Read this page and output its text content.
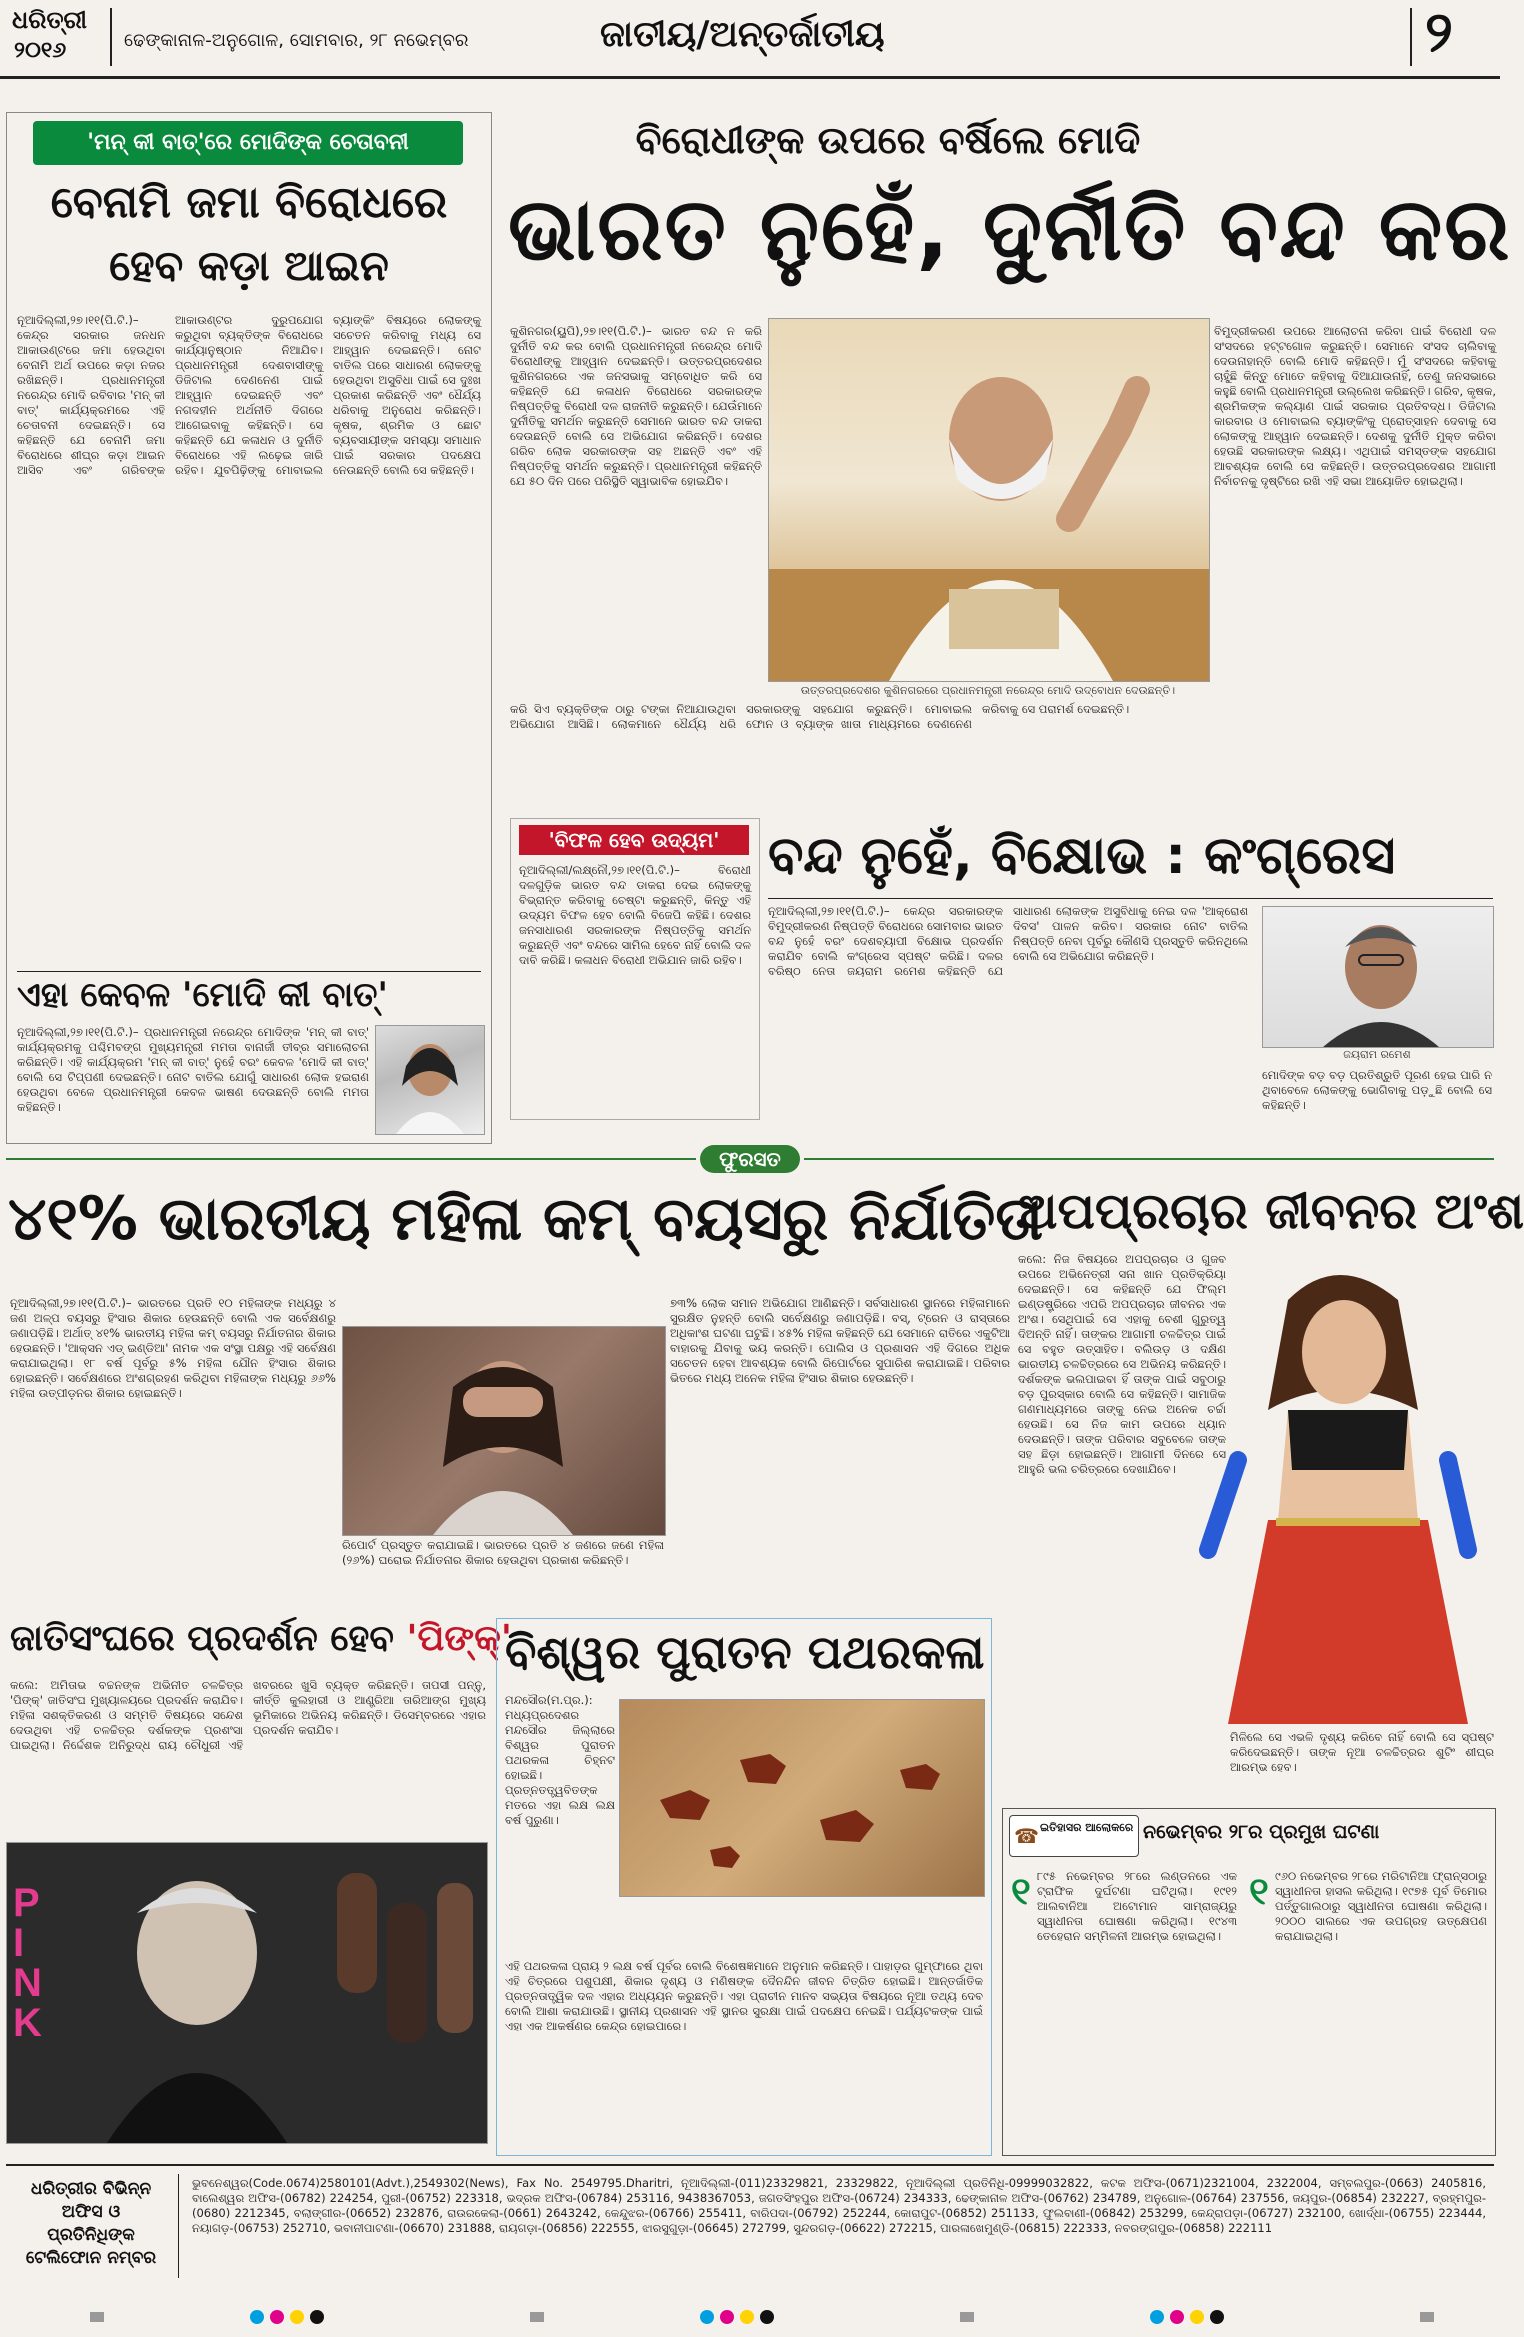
ଧରିତ୍ରୀ
୨୦୧୬	ଢେଙ୍କାନାଳ-ଅନୁଗୋଳ, ସୋମବାର, ୨୮ ନଭେମ୍ବର	ଜାତୀୟ/ଅନ୍ତର୍ଜାତୀୟ	୨
'ମନ୍ କୀ ବାତ୍'ରେ ମୋଦିଙ୍କ ଚେତାବନୀ
ବେନାମି ଜମା ବିରୋଧରେ
ହେବ କଡ଼ା ଆଇନ
ନୂଆଦିଲ୍ଲୀ,୨୭।୧୧(ପି.ଟି.)– କେନ୍ଦ୍ର ସରକାର ଜନଧନ ଆକାଉଣ୍ଟରେ ଜମା ହେଉଥିବା ବେନାମି ଅର୍ଥ ଉପରେ କଡ଼ା ନଜର ରଖିଛନ୍ତି। ପ୍ରଧାନମନ୍ତ୍ରୀ ନରେନ୍ଦ୍ର ମୋଦି ରବିବାର 'ମନ୍ କୀ ବାତ୍' କାର୍ଯ୍ୟକ୍ରମରେ ଏହି ଚେତାବନୀ ଦେଇଛନ୍ତି। ସେ କହିଛନ୍ତି ଯେ ବେନାମି ଜମା ବିରୋଧରେ ଶୀଘ୍ର କଡ଼ା ଆଇନ ଆସିବ ଏବଂ ଗରିବଙ୍କ ଆକାଉଣ୍ଟର ଦୁରୁପଯୋଗ କରୁଥିବା ବ୍ୟକ୍ତିଙ୍କ ବିରୋଧରେ କାର୍ଯ୍ୟାନୁଷ୍ଠାନ ନିଆଯିବ। ପ୍ରଧାନମନ୍ତ୍ରୀ ଦେଶବାସୀଙ୍କୁ ଡିଜିଟାଲ ଦେଣନେଣ ପାଇଁ ଆହ୍ୱାନ ଦେଇଛନ୍ତି ଏବଂ ନଗଦହୀନ ଅର୍ଥନୀତି ଦିଗରେ ଆଗେଇବାକୁ କହିଛନ୍ତି। ସେ କହିଛନ୍ତି ଯେ କଳାଧନ ଓ ଦୁର୍ନୀତି ବିରୋଧରେ ଏହି ଲଢ଼େଇ ଜାରି ରହିବ। ଯୁବପିଢ଼ିଙ୍କୁ ମୋବାଇଲ ବ୍ୟାଙ୍କିଂ ବିଷୟରେ ଲୋକଙ୍କୁ ସଚେତନ କରିବାକୁ ମଧ୍ୟ ସେ ଆହ୍ୱାନ ଦେଇଛନ୍ତି। ନୋଟ ବାତିଲ ପରେ ସାଧାରଣ ଲୋକଙ୍କୁ ହେଉଥିବା ଅସୁବିଧା ପାଇଁ ସେ ଦୁଃଖ ପ୍ରକାଶ କରିଛନ୍ତି ଏବଂ ଧୈର୍ଯ୍ୟ ଧରିବାକୁ ଅନୁରୋଧ କରିଛନ୍ତି। କୃଷକ, ଶ୍ରମିକ ଓ ଛୋଟ ବ୍ୟବସାୟୀଙ୍କ ସମସ୍ୟା ସମାଧାନ ପାଇଁ ସରକାର ପଦକ୍ଷେପ ନେଉଛନ୍ତି ବୋଲି ସେ କହିଛନ୍ତି।
ଏହା କେବଳ 'ମୋଦି କୀ ବାତ୍'
ନୂଆଦିଲ୍ଲୀ,୨୭।୧୧(ପି.ଟି.)– ପ୍ରଧାନମନ୍ତ୍ରୀ ନରେନ୍ଦ୍ର ମୋଦିଙ୍କ 'ମନ୍ କୀ ବାତ୍' କାର୍ଯ୍ୟକ୍ରମକୁ ପଶ୍ଚିମବଙ୍ଗ ମୁଖ୍ୟମନ୍ତ୍ରୀ ମମତା ବାନାର୍ଜୀ ତୀବ୍ର ସମାଲୋଚନା କରିଛନ୍ତି। ଏହି କାର୍ଯ୍ୟକ୍ରମ 'ମନ୍ କୀ ବାତ୍' ନୁହେଁ ବରଂ କେବଳ 'ମୋଦି କୀ ବାତ୍' ବୋଲି ସେ ଟିପ୍ପଣୀ ଦେଇଛନ୍ତି। ନୋଟ ବାତିଲ ଯୋଗୁଁ ସାଧାରଣ ଲୋକ ହଇରାଣ ହେଉଥିବା ବେଳେ ପ୍ରଧାନମନ୍ତ୍ରୀ କେବଳ ଭାଷଣ ଦେଉଛନ୍ତି ବୋଲି ମମତା କହିଛନ୍ତି।
ବିରୋଧୀଙ୍କ ଉପରେ ବର୍ଷିଲେ ମୋଦି
ଭାରତ ନୁହେଁ, ଦୁର୍ନୀତି ବନ୍ଦ କର
କୁଶିନଗର(ୟୁପି),୨୭।୧୧(ପି.ଟି.)– ଭାରତ ବନ୍ଦ ନ କରି ଦୁର୍ନୀତି ବନ୍ଦ କର ବୋଲି ପ୍ରଧାନମନ୍ତ୍ରୀ ନରେନ୍ଦ୍ର ମୋଦି ବିରୋଧୀଙ୍କୁ ଆହ୍ୱାନ ଦେଇଛନ୍ତି। ଉତ୍ତରପ୍ରଦେଶର କୁଶିନଗରରେ ଏକ ଜନସଭାକୁ ସମ୍ବୋଧିତ କରି ସେ କହିଛନ୍ତି ଯେ କଳାଧନ ବିରୋଧରେ ସରକାରଙ୍କ ନିଷ୍ପତ୍ତିକୁ ବିରୋଧୀ ଦଳ ରାଜନୀତି କରୁଛନ୍ତି। ଯେଉଁମାନେ ଦୁର୍ନୀତିକୁ ସମର୍ଥନ କରୁଛନ୍ତି ସେମାନେ ଭାରତ ବନ୍ଦ ଡାକରା ଦେଉଛନ୍ତି ବୋଲି ସେ ଅଭିଯୋଗ କରିଛନ୍ତି। ଦେଶର ଗରିବ ଲୋକ ସରକାରଙ୍କ ସହ ଅଛନ୍ତି ଏବଂ ଏହି ନିଷ୍ପତ୍ତିକୁ ସମର୍ଥନ କରୁଛନ୍ତି। ପ୍ରଧାନମନ୍ତ୍ରୀ କହିଛନ୍ତି ଯେ ୫୦ ଦିନ ପରେ ପରିସ୍ଥିତି ସ୍ୱାଭାବିକ ହୋଇଯିବ।
ଉତ୍ତରପ୍ରଦେଶର କୁଶିନଗରରେ ପ୍ରଧାନମନ୍ତ୍ରୀ ନରେନ୍ଦ୍ର ମୋଦି ଉଦ୍‌ବୋଧନ ଦେଉଛନ୍ତି।
ବିମୁଦ୍ରୀକରଣ ଉପରେ ଆଲୋଚନା କରିବା ପାଇଁ ବିରୋଧୀ ଦଳ ସଂସଦରେ ହଟ୍ଟଗୋଳ କରୁଛନ୍ତି। ସେମାନେ ସଂସଦ ଚାଲିବାକୁ ଦେଉନାହାନ୍ତି ବୋଲି ମୋଦି କହିଛନ୍ତି। ମୁଁ ସଂସଦରେ କହିବାକୁ ଚାହୁଁଛି କିନ୍ତୁ ମୋତେ କହିବାକୁ ଦିଆଯାଉନାହିଁ, ତେଣୁ ଜନସଭାରେ କହୁଛି ବୋଲି ପ୍ରଧାନମନ୍ତ୍ରୀ ଉଲ୍ଲେଖ କରିଛନ୍ତି। ଗରିବ, କୃଷକ, ଶ୍ରମିକଙ୍କ କଲ୍ୟାଣ ପାଇଁ ସରକାର ପ୍ରତିବଦ୍ଧ। ଡିଜିଟାଲ କାରବାର ଓ ମୋବାଇଲ ବ୍ୟାଙ୍କିଂକୁ ପ୍ରୋତ୍ସାହନ ଦେବାକୁ ସେ ଲୋକଙ୍କୁ ଆହ୍ୱାନ ଦେଇଛନ୍ତି। ଦେଶକୁ ଦୁର୍ନୀତି ମୁକ୍ତ କରିବା ହେଉଛି ସରକାରଙ୍କ ଲକ୍ଷ୍ୟ। ଏଥିପାଇଁ ସମସ୍ତଙ୍କ ସହଯୋଗ ଆବଶ୍ୟକ ବୋଲି ସେ କହିଛନ୍ତି। ଉତ୍ତରପ୍ରଦେଶର ଆଗାମୀ ନିର୍ବାଚନକୁ ଦୃଷ୍ଟିରେ ରଖି ଏହି ସଭା ଆୟୋଜିତ ହୋଇଥିଲା।
କରି ସିଏ ବ୍ୟକ୍ତିଙ୍କ ଠାରୁ ଟଙ୍କା ନିଆଯାଉଥିବା ଅଭିଯୋଗ ଆସିଛି। ଲୋକମାନେ ଧୈର୍ଯ୍ୟ ଧରି ସରକାରଙ୍କୁ ସହଯୋଗ କରୁଛନ୍ତି। ମୋବାଇଲ ଫୋନ ଓ ବ୍ୟାଙ୍କ ଖାତା ମାଧ୍ୟମରେ ଦେଣନେଣ କରିବାକୁ ସେ ପରାମର୍ଶ ଦେଇଛନ୍ତି।
'ବିଫଳ ହେବ ଉଦ୍ୟମ'
ନୂଆଦିଲ୍ଲୀ/ଲକ୍ଷ୍ନୌ,୨୭।୧୧(ପି.ଟି.)– ବିରୋଧୀ ଦଳଗୁଡ଼ିକ ଭାରତ ବନ୍ଦ ଡାକରା ଦେଇ ଲୋକଙ୍କୁ ବିଭ୍ରାନ୍ତ କରିବାକୁ ଚେଷ୍ଟା କରୁଛନ୍ତି, କିନ୍ତୁ ଏହି ଉଦ୍ୟମ ବିଫଳ ହେବ ବୋଲି ବିଜେପି କହିଛି। ଦେଶର ଜନସାଧାରଣ ସରକାରଙ୍କ ନିଷ୍ପତ୍ତିକୁ ସମର୍ଥନ କରୁଛନ୍ତି ଏବଂ ବନ୍ଦରେ ସାମିଲ ହେବେ ନାହିଁ ବୋଲି ଦଳ ଦାବି କରିଛି। କଳାଧନ ବିରୋଧୀ ଅଭିଯାନ ଜାରି ରହିବ।
ବନ୍ଦ ନୁହେଁ, ବିକ୍ଷୋଭ : କଂଗ୍ରେସ
ନୂଆଦିଲ୍ଲୀ,୨୭।୧୧(ପି.ଟି.)– କେନ୍ଦ୍ର ସରକାରଙ୍କ ବିମୁଦ୍ରୀକରଣ ନିଷ୍ପତ୍ତି ବିରୋଧରେ ସୋମବାର ଭାରତ ବନ୍ଦ ନୁହେଁ ବରଂ ଦେଶବ୍ୟାପୀ ବିକ୍ଷୋଭ ପ୍ରଦର୍ଶନ କରାଯିବ ବୋଲି କଂଗ୍ରେସ ସ୍ପଷ୍ଟ କରିଛି। ଦଳର ବରିଷ୍ଠ ନେତା ଜୟରାମ ରମେଶ କହିଛନ୍ତି ଯେ ସାଧାରଣ ଲୋକଙ୍କ ଅସୁବିଧାକୁ ନେଇ ଦଳ 'ଆକ୍ରୋଶ ଦିବସ' ପାଳନ କରିବ। ସରକାର ନୋଟ ବାତିଲ ନିଷ୍ପତ୍ତି ନେବା ପୂର୍ବରୁ କୌଣସି ପ୍ରସ୍ତୁତି କରିନଥିଲେ ବୋଲି ସେ ଅଭିଯୋଗ କରିଛନ୍ତି।
ଜୟରାମ ରମେଶ
ମୋଦିଙ୍କ ବଡ଼ ବଡ଼ ପ୍ରତିଶ୍ରୁତି ପୂରଣ ହେଇ ପାରି ନ ଥିବାବେଳେ ଲୋକଙ୍କୁ ଭୋଗିବାକୁ ପଡ଼ୁଛି ବୋଲି ସେ କହିଛନ୍ତି।
ଫୁରସତ
୪୧% ଭାରତୀୟ ମହିଳା କମ୍ ବୟସରୁ ନିର୍ଯାତିତା
ନୂଆଦିଲ୍ଲୀ,୨୭।୧୧(ପି.ଟି.)– ଭାରତରେ ପ୍ରତି ୧୦ ମହିଳାଙ୍କ ମଧ୍ୟରୁ ୪ ଜଣ ଅଳ୍ପ ବୟସରୁ ହିଂସାର ଶିକାର ହେଉଛନ୍ତି ବୋଲି ଏକ ସର୍ବେକ୍ଷଣରୁ ଜଣାପଡ଼ିଛି। ଅର୍ଥାତ୍ ୪୧% ଭାରତୀୟ ମହିଳା କମ୍ ବୟସରୁ ନିର୍ଯାତନାର ଶିକାର ହେଉଛନ୍ତି। 'ଆକ୍ସନ ଏଡ୍ ଇଣ୍ଡିଆ' ନାମକ ଏକ ସଂସ୍ଥା ପକ୍ଷରୁ ଏହି ସର୍ବେକ୍ଷଣ କରାଯାଇଥିଲା। ୧୮ ବର୍ଷ ପୂର୍ବରୁ ୫% ମହିଳା ଯୌନ ହିଂସାର ଶିକାର ହୋଇଛନ୍ତି। ସର୍ବେକ୍ଷଣରେ ଅଂଶଗ୍ରହଣ କରିଥିବା ମହିଳାଙ୍କ ମଧ୍ୟରୁ ୬୬% ମହିଳା ଉତ୍ପୀଡ଼ନର ଶିକାର ହୋଇଛନ୍ତି।
ରିପୋର୍ଟ ପ୍ରସ୍ତୁତ କରାଯାଇଛି। ଭାରତରେ ପ୍ରତି ୪ ଜଣରେ ଜଣେ ମହିଳା (୨୬%) ଘରୋଇ ନିର୍ଯାତନାର ଶିକାର ହେଉଥିବା ପ୍ରକାଶ କରିଛନ୍ତି।
୭୩% ଲୋକ ସମାନ ଅଭିଯୋଗ ଆଣିଛନ୍ତି। ସର୍ବସାଧାରଣ ସ୍ଥାନରେ ମହିଳାମାନେ ସୁରକ୍ଷିତ ନୁହନ୍ତି ବୋଲି ସର୍ବେକ୍ଷଣରୁ ଜଣାପଡ଼ିଛି। ବସ୍, ଟ୍ରେନ ଓ ରାସ୍ତାରେ ଅଧିକାଂଶ ଘଟଣା ଘଟୁଛି। ୪୫% ମହିଳା କହିଛନ୍ତି ଯେ ସେମାନେ ରାତିରେ ଏକୁଟିଆ ବାହାରକୁ ଯିବାକୁ ଭୟ କରନ୍ତି। ପୋଲିସ ଓ ପ୍ରଶାସନ ଏହି ଦିଗରେ ଅଧିକ ସଚେତନ ହେବା ଆବଶ୍ୟକ ବୋଲି ରିପୋର୍ଟରେ ସୁପାରିଶ କରାଯାଇଛି। ପରିବାର ଭିତରେ ମଧ୍ୟ ଅନେକ ମହିଳା ହିଂସାର ଶିକାର ହେଉଛନ୍ତି।
ଅପପ୍ରଚାର ଜୀବନର ଅଂଶ
କଲେ: ନିଜ ବିଷୟରେ ଅପପ୍ରଚାର ଓ ଗୁଜବ ଉପରେ ଅଭିନେତ୍ରୀ ସନା ଖାନ ପ୍ରତିକ୍ରିୟା ଦେଇଛନ୍ତି। ସେ କହିଛନ୍ତି ଯେ ଫିଲ୍ମ ଇଣ୍ଡଷ୍ଟ୍ରିରେ ଏପରି ଅପପ୍ରଚାର ଜୀବନର ଏକ ଅଂଶ। ସେଥିପାଇଁ ସେ ଏହାକୁ ବେଶୀ ଗୁରୁତ୍ୱ ଦିଅନ୍ତି ନାହିଁ। ତାଙ୍କର ଆଗାମୀ ଚଳଚ୍ଚିତ୍ର ପାଇଁ ସେ ବହୁତ ଉତ୍ସାହିତ। ବଲିଉଡ଼ ଓ ଦକ୍ଷିଣ ଭାରତୀୟ ଚଳଚ୍ଚିତ୍ରରେ ସେ ଅଭିନୟ କରିଛନ୍ତି। ଦର୍ଶକଙ୍କ ଭଲପାଇବା ହିଁ ତାଙ୍କ ପାଇଁ ସବୁଠାରୁ ବଡ଼ ପୁରସ୍କାର ବୋଲି ସେ କହିଛନ୍ତି। ସାମାଜିକ ଗଣମାଧ୍ୟମରେ ତାଙ୍କୁ ନେଇ ଅନେକ ଚର୍ଚ୍ଚା ହେଉଛି। ସେ ନିଜ କାମ ଉପରେ ଧ୍ୟାନ ଦେଉଛନ୍ତି। ତାଙ୍କ ପରିବାର ସବୁବେଳେ ତାଙ୍କ ସହ ଛିଡ଼ା ହୋଇଛନ୍ତି। ଆଗାମୀ ଦିନରେ ସେ ଆହୁରି ଭଲ ଚରିତ୍ରରେ ଦେଖାଯିବେ।
ମିଳିଲେ ସେ ଏଭଳି ଦୃଶ୍ୟ କରିବେ ନାହିଁ ବୋଲି ସେ ସ୍ପଷ୍ଟ କରିଦେଇଛନ୍ତି। ତାଙ୍କ ନୂଆ ଚଳଚ୍ଚିତ୍ରର ଶୁଟିଂ ଶୀଘ୍ର ଆରମ୍ଭ ହେବ।
ଜାତିସଂଘରେ ପ୍ରଦର୍ଶନ ହେବ 'ପିଙ୍କ୍'
କଲେ: ଅମିତାଭ ବଚ୍ଚନଙ୍କ ଅଭିନୀତ ଚଳଚ୍ଚିତ୍ର 'ପିଙ୍କ୍' ଜାତିସଂଘ ମୁଖ୍ୟାଳୟରେ ପ୍ରଦର୍ଶନ କରାଯିବ। ମହିଳା ସଶକ୍ତିକରଣ ଓ ସମ୍ମତି ବିଷୟରେ ସନ୍ଦେଶ ଦେଉଥିବା ଏହି ଚଳଚ୍ଚିତ୍ର ଦର୍ଶକଙ୍କ ପ୍ରଶଂସା ପାଇଥିଲା। ନିର୍ଦ୍ଦେଶକ ଅନିରୁଦ୍ଧ ରାୟ ଚୌଧୁରୀ ଏହି ଖବରରେ ଖୁସି ବ୍ୟକ୍ତ କରିଛନ୍ତି। ତାପସୀ ପନ୍ନୁ, କୀର୍ତ୍ତି କୁଲହାରୀ ଓ ଆଣ୍ଡ୍ରିଆ ତାରିଆଙ୍ଗ ମୁଖ୍ୟ ଭୂମିକାରେ ଅଭିନୟ କରିଛନ୍ତି। ଡିସେମ୍ବରରେ ଏହାର ପ୍ରଦର୍ଶନ କରାଯିବ।
PINK
ବିଶ୍ୱର ପୁରାତନ ପଥରକଳା
ମନ୍ଦସୌର(ମ.ପ୍ର.): ମଧ୍ୟପ୍ରଦେଶର ମନ୍ଦସୌର ଜିଲ୍ଲାରେ ବିଶ୍ୱର ପୁରାତନ ପଥରକଳା ଚିହ୍ନଟ ହୋଇଛି। ପ୍ରତ୍ନତତ୍ତ୍ୱବିତଙ୍କ ମତରେ ଏହା ଲକ୍ଷ ଲକ୍ଷ ବର୍ଷ ପୁରୁଣା।
ଏହି ପଥରକଳା ପ୍ରାୟ ୨ ଲକ୍ଷ ବର୍ଷ ପୂର୍ବର ବୋଲି ବିଶେଷଜ୍ଞମାନେ ଅନୁମାନ କରିଛନ୍ତି। ପାହାଡ଼ର ଗୁମ୍ଫାରେ ଥିବା ଏହି ଚିତ୍ରରେ ପଶୁପକ୍ଷୀ, ଶିକାର ଦୃଶ୍ୟ ଓ ମଣିଷଙ୍କ ଦୈନନ୍ଦିନ ଜୀବନ ଚିତ୍ରିତ ହୋଇଛି। ଆନ୍ତର୍ଜାତିକ ପ୍ରତ୍ନତାତ୍ତ୍ୱିକ ଦଳ ଏହାର ଅଧ୍ୟୟନ କରୁଛନ୍ତି। ଏହା ପ୍ରାଚୀନ ମାନବ ସଭ୍ୟତା ବିଷୟରେ ନୂଆ ତଥ୍ୟ ଦେବ ବୋଲି ଆଶା କରାଯାଉଛି। ସ୍ଥାନୀୟ ପ୍ରଶାସନ ଏହି ସ୍ଥାନର ସୁରକ୍ଷା ପାଇଁ ପଦକ୍ଷେପ ନେଇଛି। ପର୍ଯ୍ୟଟକଙ୍କ ପାଇଁ ଏହା ଏକ ଆକର୍ଷଣର କେନ୍ଦ୍ର ହୋଇପାରେ।
☎ ଇତିହାସର ଆଲୋକରେ ନଭେମ୍ବର ୨୮ର ପ୍ରମୁଖ ଘଟଣା
୧ ୮୯୫ ନଭେମ୍ବର ୨୮ରେ ଲଣ୍ଡନରେ ଏକ ଟ୍ରାଫିକ ଦୁର୍ଘଟଣା ଘଟିଥିଲା। ୧୯୧୨ ଆଲବାନିଆ ଅଟୋମାନ ସାମ୍ରାଜ୍ୟରୁ ସ୍ୱାଧୀନତା ଘୋଷଣା କରିଥିଲା। ୧୯୪୩ ତେହେରାନ ସମ୍ମିଳନୀ ଆରମ୍ଭ ହୋଇଥିଲା।
୧ ୯୬୦ ନଭେମ୍ବର ୨୮ରେ ମରିଟାନିଆ ଫ୍ରାନ୍ସଠାରୁ ସ୍ୱାଧୀନତା ହାସଲ କରିଥିଲା। ୧୯୭୫ ପୂର୍ବ ତିମୋର ପର୍ତ୍ତୁଗାଲଠାରୁ ସ୍ୱାଧୀନତା ଘୋଷଣା କରିଥିଲା। ୨୦୦୦ ସାଲରେ ଏକ ଉପଗ୍ରହ ଉତ୍କ୍ଷେପଣ କରାଯାଇଥିଲା।
ଧରିତ୍ରୀର ବିଭିନ୍ନ ଅଫିସ ଓ ପ୍ରତିନିଧିଙ୍କ ଟେଲିଫୋନ ନମ୍ବର
ଭୁବନେଶ୍ୱର(Code.0674)2580101(Advt.),2549302(News), Fax No. 2549795.Dharitri, ନୂଆଦିଲ୍ଲୀ-(011)23329821, 23329822, ନୂଆଦିଲ୍ଲୀ ପ୍ରତିନିଧି-09999032822, କଟକ ଅଫିସ-(0671)2321004, 2322004, ସମ୍ବଲପୁର-(0663) 2405816, ବାଲେଶ୍ୱର ଅଫିସ-(06782) 224254, ପୁରୀ-(06752) 223318, ଭଦ୍ରକ ଅଫିସ-(06784) 253116, 9438367053, ଜଗତସିଂହପୁର ଅଫିସ-(06724) 234333, ଢେଙ୍କାନାଳ ଅଫିସ-(06762) 234789, ଅନୁଗୋଳ-(06764) 237556, ଜୟପୁର-(06854) 232227, ବ୍ରହ୍ମପୁର-(0680) 2212345, ବଲାଙ୍ଗୀର-(06652) 232876, ରାଉରକେଲା-(0661) 2643242, କେନ୍ଦୁଝର-(06766) 255411, ବାରିପଦା-(06792) 252244, କୋରାପୁଟ-(06852) 251133, ଫୁଲବାଣୀ-(06842) 253299, କେନ୍ଦ୍ରାପଡ଼ା-(06727) 232100, ଖୋର୍ଦ୍ଧା-(06755) 223444, ନୟାଗଡ଼-(06753) 252710, ଭବାନୀପାଟଣା-(06670) 231888, ରାୟଗଡ଼ା-(06856) 222555, ଝାରସୁଗୁଡ଼ା-(06645) 272799, ସୁନ୍ଦରଗଡ଼-(06622) 272215, ପାରଳାଖେମୁଣ୍ଡି-(06815) 222333, ନବରଙ୍ଗପୁର-(06858) 222111
